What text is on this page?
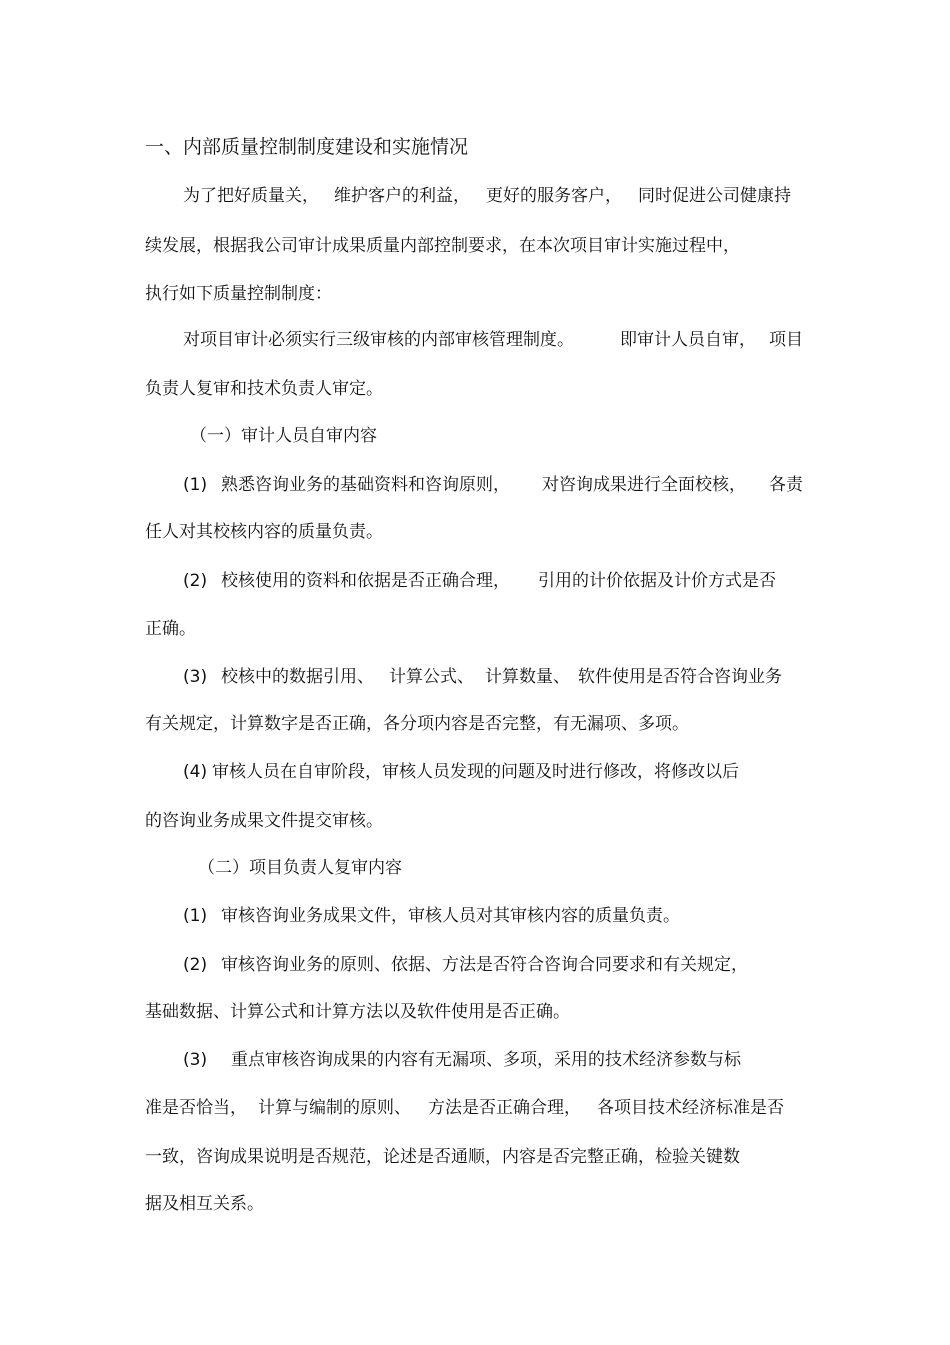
一、内部质量控制制度建设和实施情况

为了把好质量关， 维护客户的利益， 更好的服务客户， 同时促进公司健康持

续发展，根据我公司审计成果质量内部控制要求，在本次项目审计实施过程中，

执行如下质量控制制度：

对项目审计必须实行三级审核的内部审核管理制度。	即审计人员自审， 项目

负责人复审和技术负责人审定。

（一）审计人员自审内容

(1) 熟悉咨询业务的基础资料和咨询原则， 对咨询成果进行全面校核， 各责

任人对其校核内容的质量负责。

(2) 校核使用的资料和依据是否正确合理， 引用的计价依据及计价方式是否

正确。

(3) 校核中的数据引用、 计算公式、 计算数量、 软件使用是否符合咨询业务

有关规定，计算数字是否正确，各分项内容是否完整，有无漏项、多项。

(4) 审核人员在自审阶段，审核人员发现的问题及时进行修改，将修改以后

的咨询业务成果文件提交审核。

（二）项目负责人复审内容

(1) 审核咨询业务成果文件，审核人员对其审核内容的质量负责。

(2) 审核咨询业务的原则、依据、方法是否符合咨询合同要求和有关规定，

基础数据、计算公式和计算方法以及软件使用是否正确。

(3) 重点审核咨询成果的内容有无漏项、多项，采用的技术经济参数与标

准是否恰当， 计算与编制的原则、 方法是否正确合理， 各项目技术经济标准是否

一致，咨询成果说明是否规范，论述是否通顺，内容是否完整正确，检验关键数

据及相互关系。
